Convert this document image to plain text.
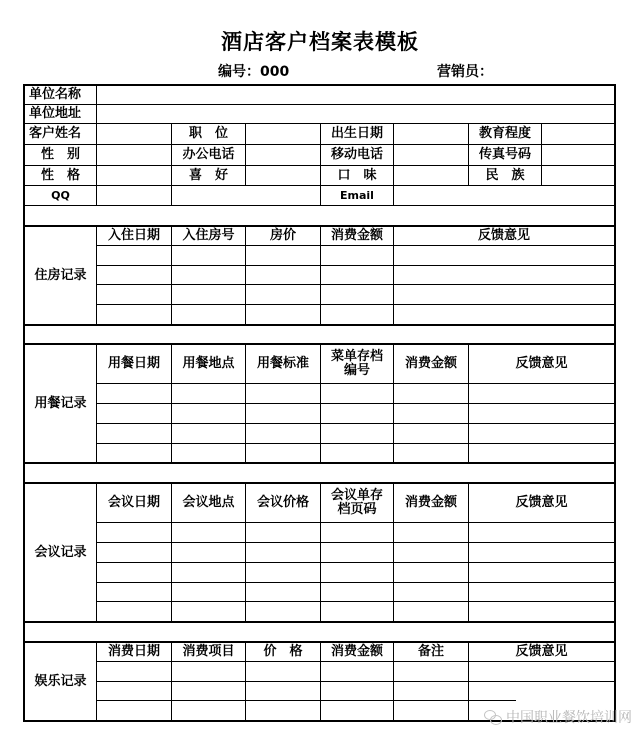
酒店客户档案表模板
编号：000	营销员：
单位名称
单位地址
客户姓名	职　位	出生日期	教育程度
性　别	办公电话	移动电话	传真号码
性　格	喜　好	口　味	民　族
QQ	Email
住房记录
入住日期	入住房号	房价	消费金额	反馈意见
用餐记录
用餐日期	用餐地点	用餐标准	菜单存档编号	消费金额	反馈意见
会议记录
会议日期	会议地点	会议价格	会议单存档页码	消费金额	反馈意见
娱乐记录
消费日期	消费项目	价　格	消费金额	备注	反馈意见
中国职业餐饮培训网
